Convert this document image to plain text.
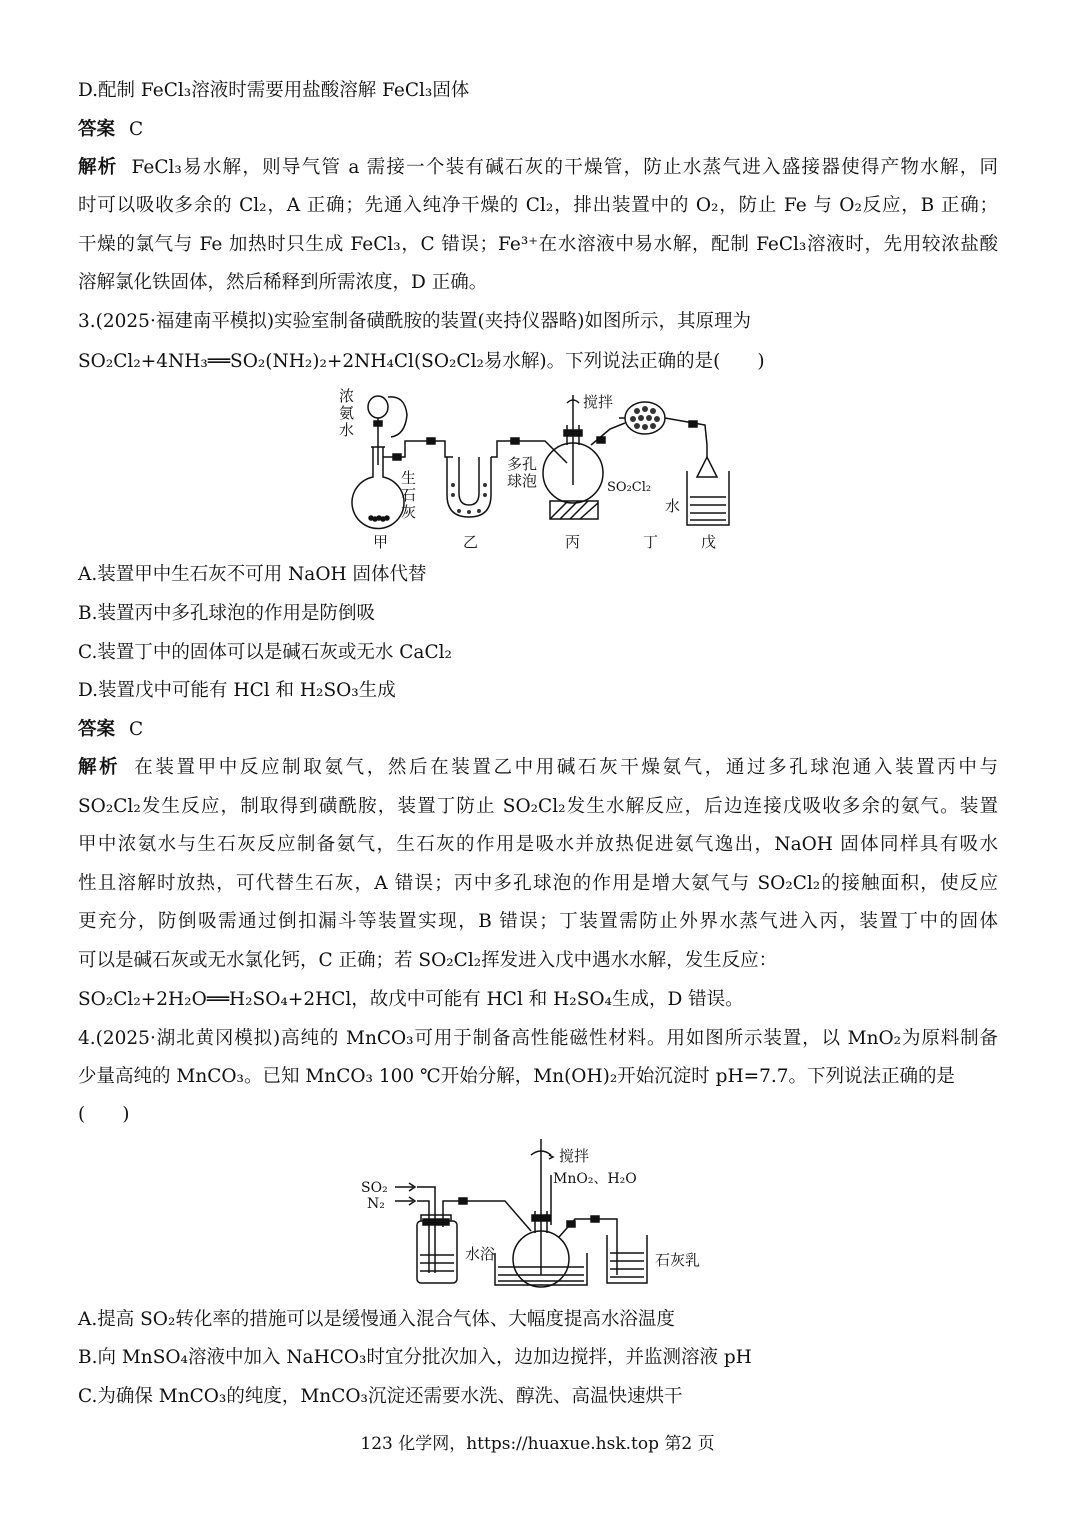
D.配制 FeCl₃溶液时需要用盐酸溶解 FeCl₃固体
答案 C
解析 FeCl₃易水解，则导气管 a 需接一个装有碱石灰的干燥管，防止水蒸气进入盛接器使得产物水解，同
时可以吸收多余的 Cl₂，A 正确；先通入纯净干燥的 Cl₂，排出装置中的 O₂，防止 Fe 与 O₂反应，B 正确；
干燥的氯气与 Fe 加热时只生成 FeCl₃，C 错误；Fe³⁺在水溶液中易水解，配制 FeCl₃溶液时，先用较浓盐酸
溶解氯化铁固体，然后稀释到所需浓度，D 正确。
3.(2025·福建南平模拟)实验室制备磺酰胺的装置(夹持仪器略)如图所示，其原理为
SO₂Cl₂+4NH₃══SO₂(NH₂)₂+2NH₄Cl(SO₂Cl₂易水解)。下列说法正确的是(　　)
浓
氨
水
搅拌
生
石
灰
多孔
球泡	SO₂Cl₂
水
甲	乙	丙	丁	戊
A.装置甲中生石灰不可用 NaOH 固体代替
B.装置丙中多孔球泡的作用是防倒吸
C.装置丁中的固体可以是碱石灰或无水 CaCl₂
D.装置戊中可能有 HCl 和 H₂SO₃生成
答案 C
解析 在装置甲中反应制取氨气，然后在装置乙中用碱石灰干燥氨气，通过多孔球泡通入装置丙中与
SO₂Cl₂发生反应，制取得到磺酰胺，装置丁防止 SO₂Cl₂发生水解反应，后边连接戊吸收多余的氨气。装置
甲中浓氨水与生石灰反应制备氨气，生石灰的作用是吸水并放热促进氨气逸出，NaOH 固体同样具有吸水
性且溶解时放热，可代替生石灰，A 错误；丙中多孔球泡的作用是增大氨气与 SO₂Cl₂的接触面积，使反应
更充分，防倒吸需通过倒扣漏斗等装置实现，B 错误；丁装置需防止外界水蒸气进入丙，装置丁中的固体
可以是碱石灰或无水氯化钙，C 正确；若 SO₂Cl₂挥发进入戊中遇水水解，发生反应：
SO₂Cl₂+2H₂O══H₂SO₄+2HCl，故戊中可能有 HCl 和 H₂SO₄生成，D 错误。
4.(2025·湖北黄冈模拟)高纯的 MnCO₃可用于制备高性能磁性材料。用如图所示装置，以 MnO₂为原料制备
少量高纯的 MnCO₃。已知 MnCO₃ 100 ℃开始分解，Mn(OH)₂开始沉淀时 pH=7.7。下列说法正确的是
(　　)
SO₂
N₂
搅拌
MnO₂、H₂O
水浴	石灰乳
A.提高 SO₂转化率的措施可以是缓慢通入混合气体、大幅度提高水浴温度
B.向 MnSO₄溶液中加入 NaHCO₃时宜分批次加入，边加边搅拌，并监测溶液 pH
C.为确保 MnCO₃的纯度，MnCO₃沉淀还需要水洗、醇洗、高温快速烘干
123 化学网，https://huaxue.hsk.top 第2 页
